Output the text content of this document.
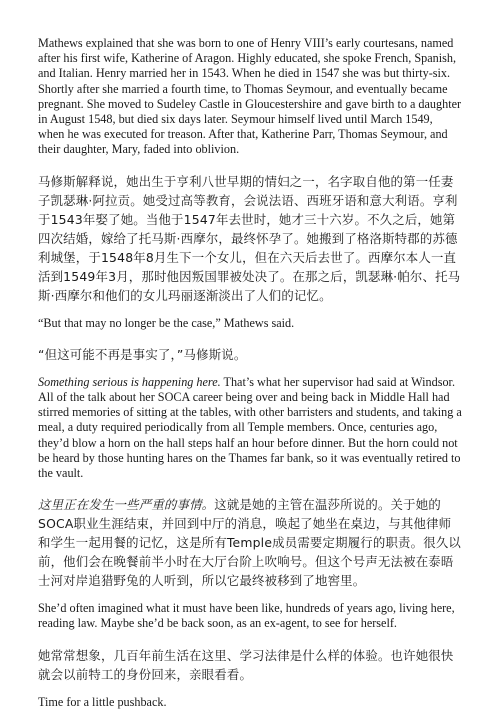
Mathews explained that she was born to one of Henry VIII’s early courtesans, named after his first wife, Katherine of Aragon. Highly educated, she spoke French, Spanish, and Italian. Henry married her in 1543. When he died in 1547 she was but thirty-six. Shortly after she married a fourth time, to Thomas Seymour, and eventually became pregnant. She moved to Sudeley Castle in Gloucestershire and gave birth to a daughter in August 1548, but died six days later. Seymour himself lived until March 1549, when he was executed for treason. After that, Katherine Parr, Thomas Seymour, and their daughter, Mary, faded into oblivion.

马修斯解释说，她出生于亨利八世早期的情妇之一，名字取自他的第一任妻子凯瑟琳·阿拉贡。她受过高等教育，会说法语、西班牙语和意大利语。亨利于1543年娶了她。当他于1547年去世时，她才三十六岁。不久之后，她第四次结婚，嫁给了托马斯·西摩尔，最终怀孕了。她搬到了格洛斯特郡的苏德利城堡，于1548年8月生下一个女儿，但在六天后去世了。西摩尔本人一直活到1549年3月，那时他因叛国罪被处决了。在那之后，凯瑟琳·帕尔、托马斯·西摩尔和他们的女儿玛丽逐渐淡出了人们的记忆。

“But that may no longer be the case,” Mathews said.

“但这可能不再是事实了，”马修斯说。

Something serious is happening here. That’s what her supervisor had said at Windsor. All of the talk about her SOCA career being over and being back in Middle Hall had stirred memories of sitting at the tables, with other barristers and students, and taking a meal, a duty required periodically from all Temple members. Once, centuries ago, they’d blow a horn on the hall steps half an hour before dinner. But the horn could not be heard by those hunting hares on the Thames far bank, so it was eventually retired to the vault.

这里正在发生一些严重的事情。这就是她的主管在温莎所说的。关于她的SOCA职业生涯结束，并回到中厅的消息，唤起了她坐在桌边，与其他律师和学生一起用餐的记忆，这是所有Temple成员需要定期履行的职责。很久以前，他们会在晚餐前半小时在大厅台阶上吹响号。但这个号声无法被在泰晤士河对岸追猎野兔的人听到，所以它最终被移到了地窖里。

She’d often imagined what it must have been like, hundreds of years ago, living here, reading law. Maybe she’d be back soon, as an ex-agent, to see for herself.

她常常想象，几百年前生活在这里、学习法律是什么样的体验。也许她很快就会以前特工的身份回来，亲眼看看。

Time for a little pushback.
